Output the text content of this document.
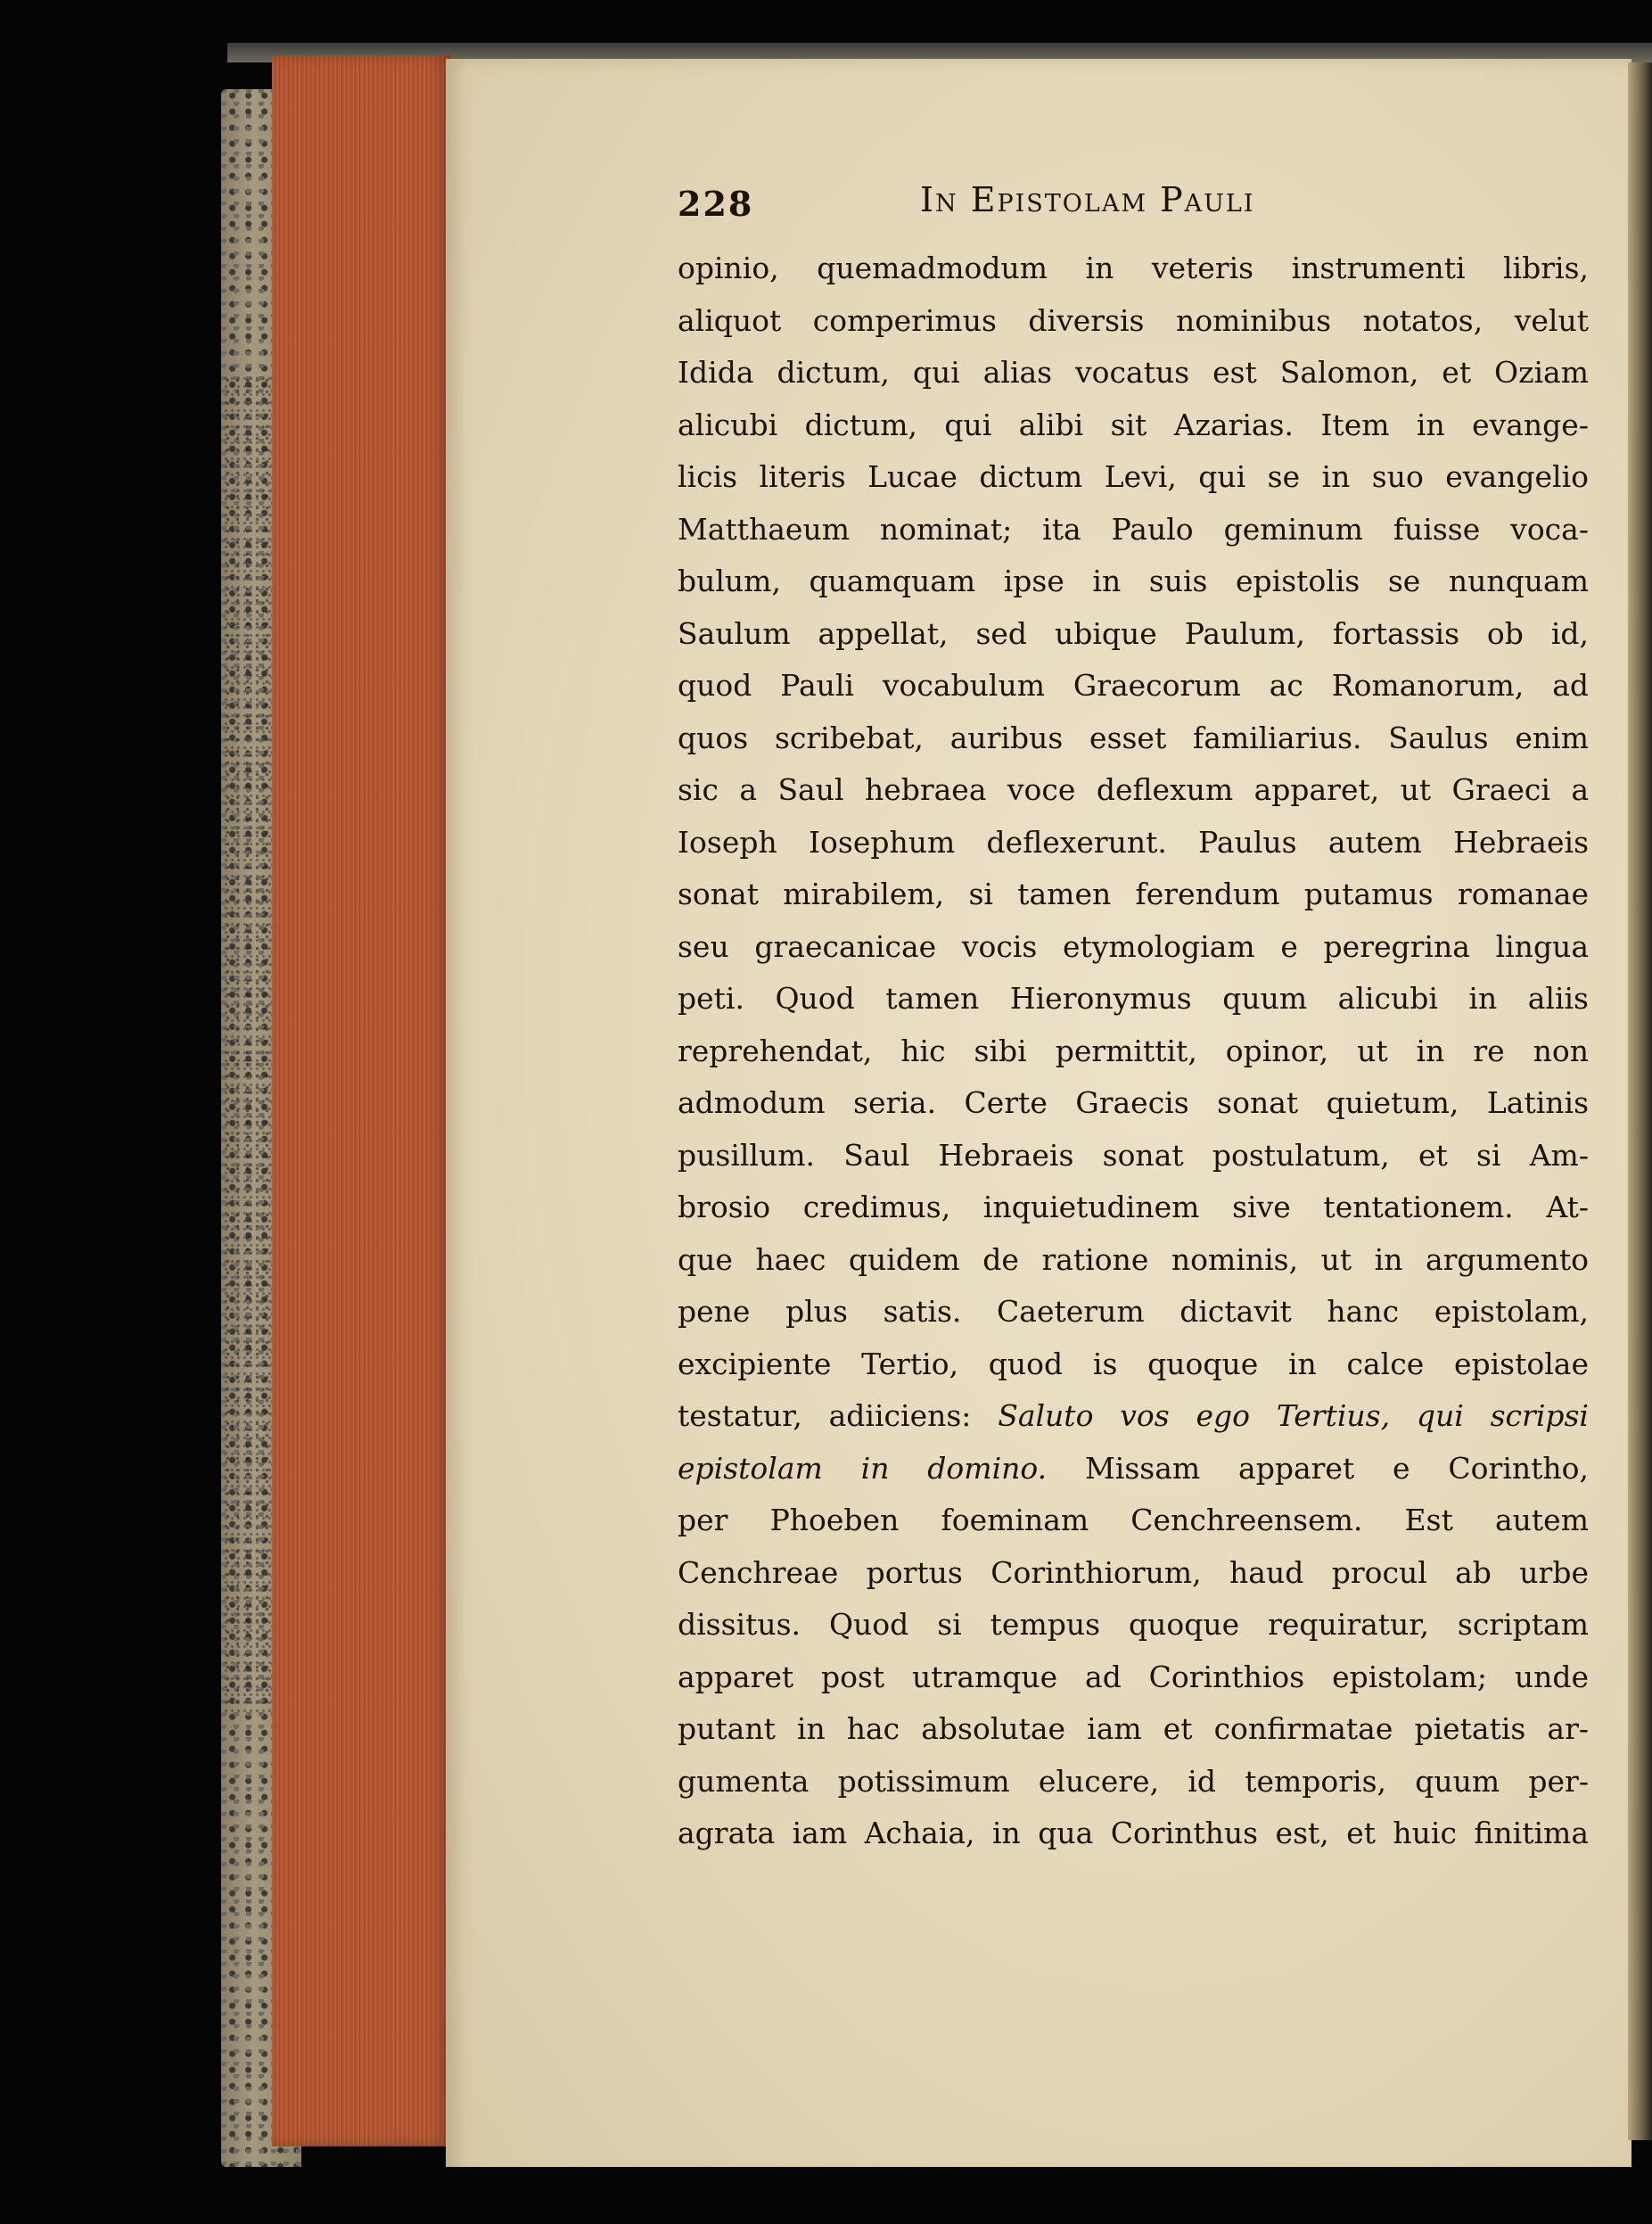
228	In Epistolam Pauli
opinio, quemadmodum in veteris instrumenti libris,
aliquot comperimus diversis nominibus notatos, velut
Idida dictum, qui alias vocatus est Salomon, et Oziam
alicubi dictum, qui alibi sit Azarias. Item in evange-
licis literis Lucae dictum Levi, qui se in suo evangelio
Matthaeum nominat; ita Paulo geminum fuisse voca-
bulum, quamquam ipse in suis epistolis se nunquam
Saulum appellat, sed ubique Paulum, fortassis ob id,
quod Pauli vocabulum Graecorum ac Romanorum, ad
quos scribebat, auribus esset familiarius. Saulus enim
sic a Saul hebraea voce deflexum apparet, ut Graeci a
Ioseph Iosephum deflexerunt. Paulus autem Hebraeis
sonat mirabilem, si tamen ferendum putamus romanae
seu graecanicae vocis etymologiam e peregrina lingua
peti. Quod tamen Hieronymus quum alicubi in aliis
reprehendat, hic sibi permittit, opinor, ut in re non
admodum seria. Certe Graecis sonat quietum, Latinis
pusillum. Saul Hebraeis sonat postulatum, et si Am-
brosio credimus, inquietudinem sive tentationem. At-
que haec quidem de ratione nominis, ut in argumento
pene plus satis. Caeterum dictavit hanc epistolam,
excipiente Tertio, quod is quoque in calce epistolae
testatur, adiiciens: Saluto vos ego Tertius, qui scripsi
epistolam in domino. Missam apparet e Corintho,
per Phoeben foeminam Cenchreensem. Est autem
Cenchreae portus Corinthiorum, haud procul ab urbe
dissitus. Quod si tempus quoque requiratur, scriptam
apparet post utramque ad Corinthios epistolam; unde
putant in hac absolutae iam et confirmatae pietatis ar-
gumenta potissimum elucere, id temporis, quum per-
agrata iam Achaia, in qua Corinthus est, et huic finitima
